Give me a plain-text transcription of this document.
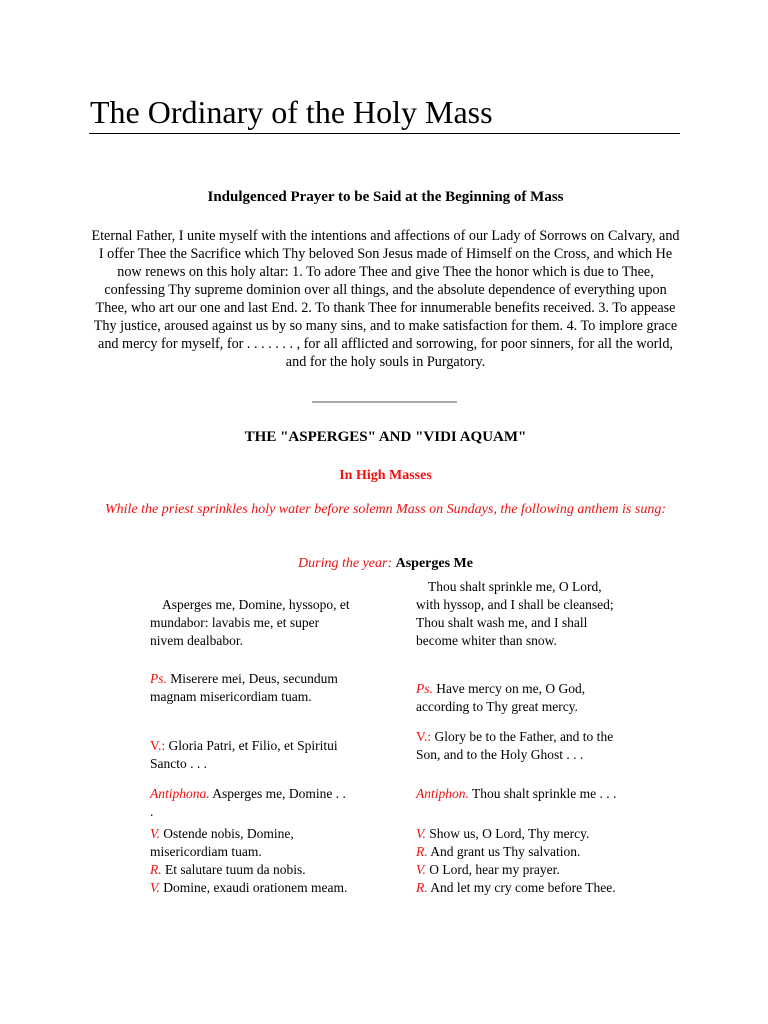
The Ordinary of the Holy Mass
Indulgenced Prayer to be Said at the Beginning of Mass

Eternal Father, I unite myself with the intentions and affections of our Lady of Sorrows on Calvary, and I offer Thee the Sacrifice which Thy beloved Son Jesus made of Himself on the Cross, and which He now renews on this holy altar: 1. To adore Thee and give Thee the honor which is due to Thee, confessing Thy supreme dominion over all things, and the absolute dependence of everything upon Thee, who art our one and last End. 2. To thank Thee for innumerable benefits received. 3. To appease Thy justice, aroused against us by so many sins, and to make satisfaction for them. 4. To implore grace and mercy for myself, for . . . . . . . , for all afflicted and sorrowing, for poor sinners, for all the world, and for the holy souls in Purgatory.

THE "ASPERGES" AND "VIDI AQUAM"

In High Masses

While the priest sprinkles holy water before solemn Mass on Sundays, the following anthem is sung:

During the year: Asperges Me

Asperges me, Domine, hyssopo, et mundabor: lavabis me, et super nivem dealbabor.

Ps. Miserere mei, Deus, secundum magnam misericordiam tuam.

V.: Gloria Patri, et Filio, et Spiritui Sancto . . .

Antiphona. Asperges me, Domine . . .

V. Ostende nobis, Domine, misericordiam tuam.
R. Et salutare tuum da nobis.
V. Domine, exaudi orationem meam.

Thou shalt sprinkle me, O Lord, with hyssop, and I shall be cleansed; Thou shalt wash me, and I shall become whiter than snow.

Ps. Have mercy on me, O God, according to Thy great mercy.

V.: Glory be to the Father, and to the Son, and to the Holy Ghost . . .

Antiphon. Thou shalt sprinkle me . . .

V. Show us, O Lord, Thy mercy.
R. And grant us Thy salvation.
V. O Lord, hear my prayer.
R. And let my cry come before Thee.
